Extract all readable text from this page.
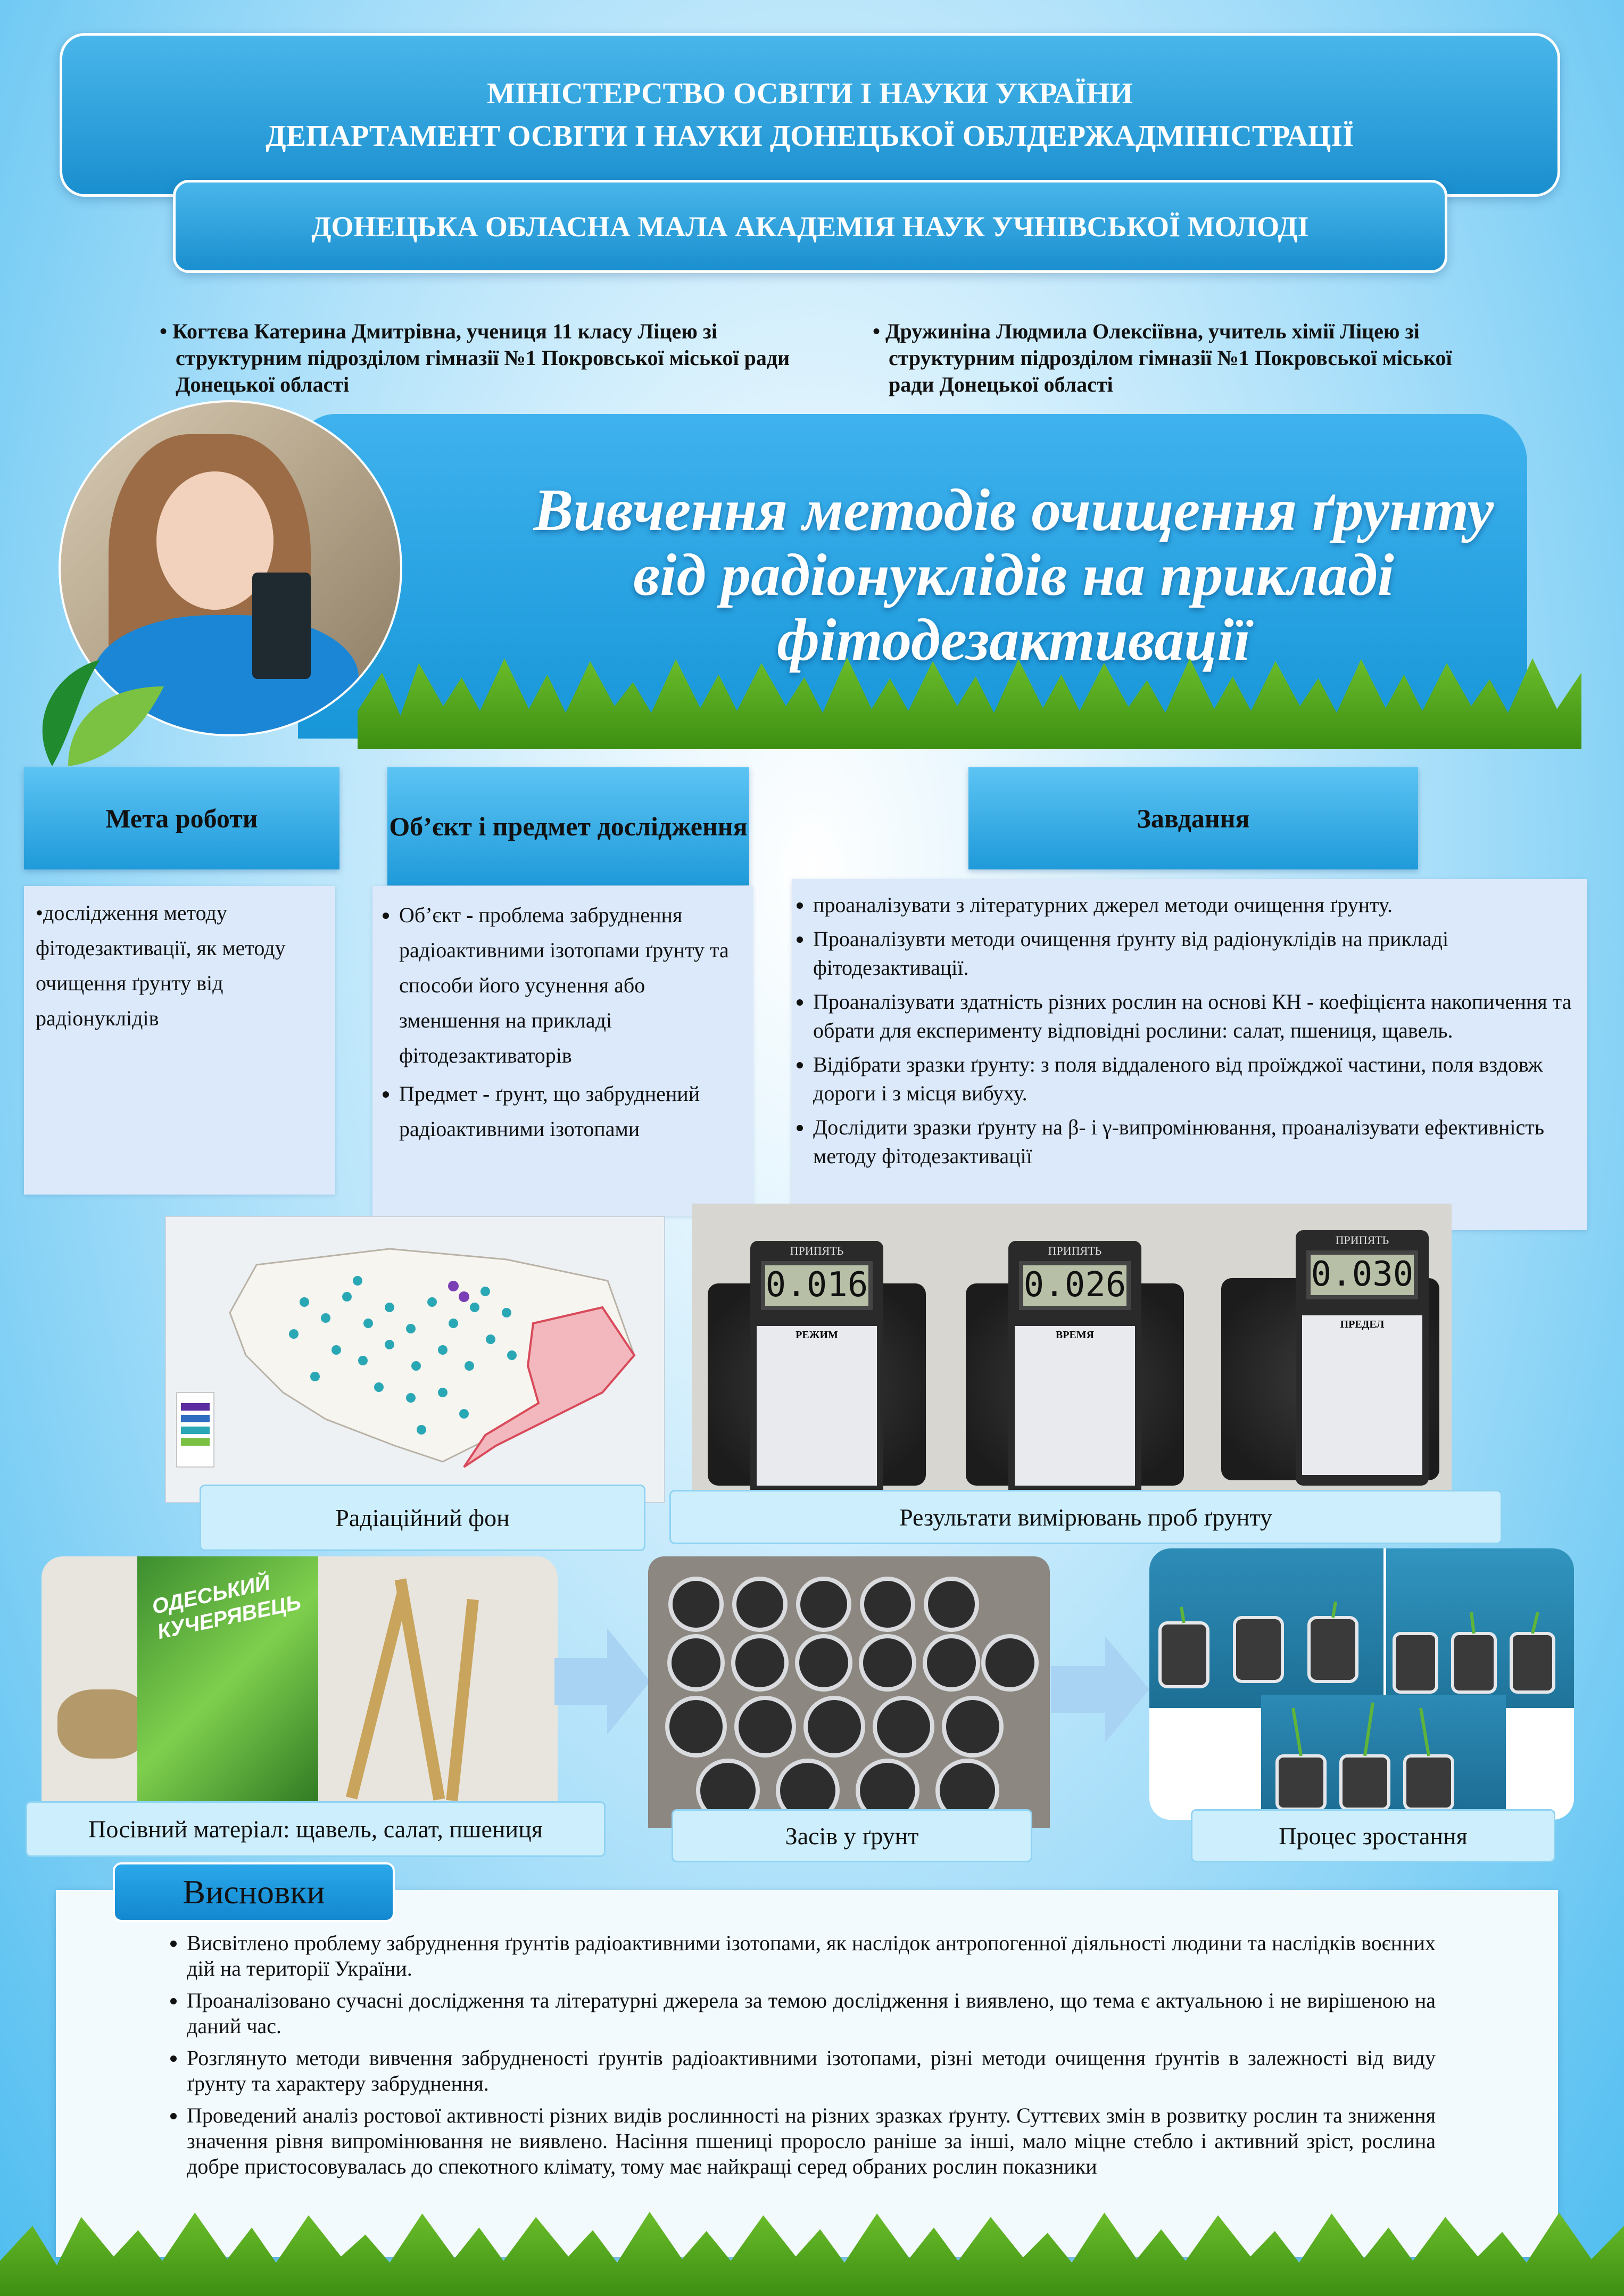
МІНІСТЕРСТВО ОСВІТИ І НАУКИ УКРАЇНИ
ДЕПАРТАМЕНТ ОСВІТИ І НАУКИ ДОНЕЦЬКОЇ ОБЛДЕРЖАДМІНІСТРАЦІЇ
ДОНЕЦЬКА ОБЛАСНА МАЛА АКАДЕМІЯ НАУК УЧНІВСЬКОЇ МОЛОДІ
• Когтєва Катерина Дмитрівна, учениця 11 класу Ліцею зі структурним підрозділом гімназії №1 Покровської міської ради Донецької області
• Дружиніна Людмила Олексіївна, учитель хімії Ліцею зі структурним підрозділом гімназії №1 Покровської міської ради Донецької області
Вивчення методів очищення ґрунту
від радіонуклідів на прикладі
фітодезактивації
Мета роботи
•дослідження методу фітодезактивації, як методу очищення ґрунту від радіонуклідів
Об’єкт і предмет дослідження
• Об’єкт - проблема забруднення радіоактивними ізотопами ґрунту та способи його усунення або зменшення на прикладі фітодезактиваторів
• Предмет - ґрунт, що забруднений радіоактивними ізотопами
Завдання
• проаналізувати з літературних джерел методи очищення ґрунту.
• Проаналізувти методи очищення ґрунту від радіонуклідів на прикладі фітодезактивації.
• Проаналізувати здатність різних рослин на основі КН - коефіцієнта накопичення та обрати для експерименту відповідні рослини: салат, пшениця, щавель.
• Відібрати зразки ґрунту: з поля віддаленого від проїжджої частини, поля вздовж дороги і з місця вибуху.
• Дослідити зразки ґрунту на β- і γ-випромінювання, проаналізувати ефективність методу фітодезактивації
Радіаційний фон
ПРИПЯТЬ
0.016
РЕЖИМ
ПРИПЯТЬ
0.026
ВРЕМЯ
ПРИПЯТЬ
0.030
ПРЕДЕЛ
Результати вимірювань проб ґрунту
ОДЕСЬКИЙ КУЧЕРЯВЕЦЬ
Посівний матеріал: щавель, салат, пшениця	Засів у ґрунт	Процес зростання
• Висвітлено проблему забруднення ґрунтів радіоактивними ізотопами, як наслідок антропогенної діяльності людини та наслідків воєнних дій на території України.
• Проаналізовано сучасні дослідження та літературні джерела за темою дослідження і виявлено, що тема є актуальною і не вирішеною на даний час.
• Розглянуто методи вивчення забрудненості ґрунтів радіоактивними ізотопами, різні методи очищення ґрунтів в залежності від виду ґрунту та характеру забруднення.
• Проведений аналіз ростової активності різних видів рослинності на різних зразках ґрунту. Суттєвих змін в розвитку рослин та зниження значення рівня випромінювання не виявлено. Насіння пшениці проросло раніше за інші, мало міцне стебло і активний зріст, рослина добре пристосовувалась до спекотного клімату, тому має найкращі серед обраних рослин показники
Висновки
